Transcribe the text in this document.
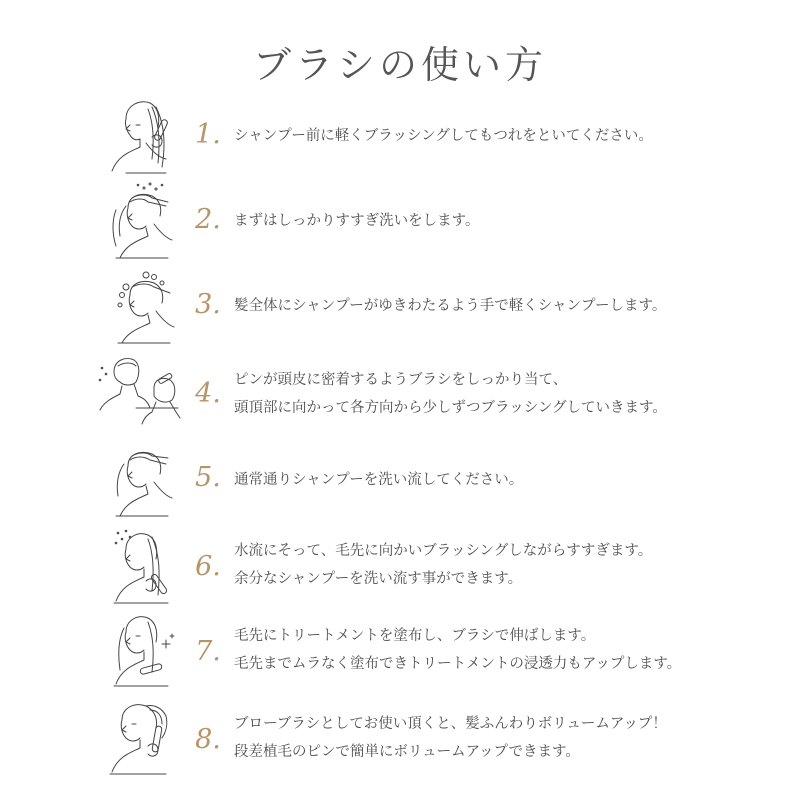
ブラシの使い方
1. シャンプー前に軽くブラッシングしてもつれをといてください。
2. まずはしっかりすすぎ洗いをします。
3. 髪全体にシャンプーがゆきわたるよう手で軽くシャンプーします。
4. ピンが頭皮に密着するようブラシをしっかり当て、
頭頂部に向かって各方向から少しずつブラッシングしていきます。
5. 通常通りシャンプーを洗い流してください。
6. 水流にそって、毛先に向かいブラッシングしながらすすぎます。
余分なシャンプーを洗い流す事ができます。
7. 毛先にトリートメントを塗布し、ブラシで伸ばします。
毛先までムラなく塗布できトリートメントの浸透力もアップします。
8. ブローブラシとしてお使い頂くと、髪ふんわりボリュームアップ！
段差植毛のピンで簡単にボリュームアップできます。
